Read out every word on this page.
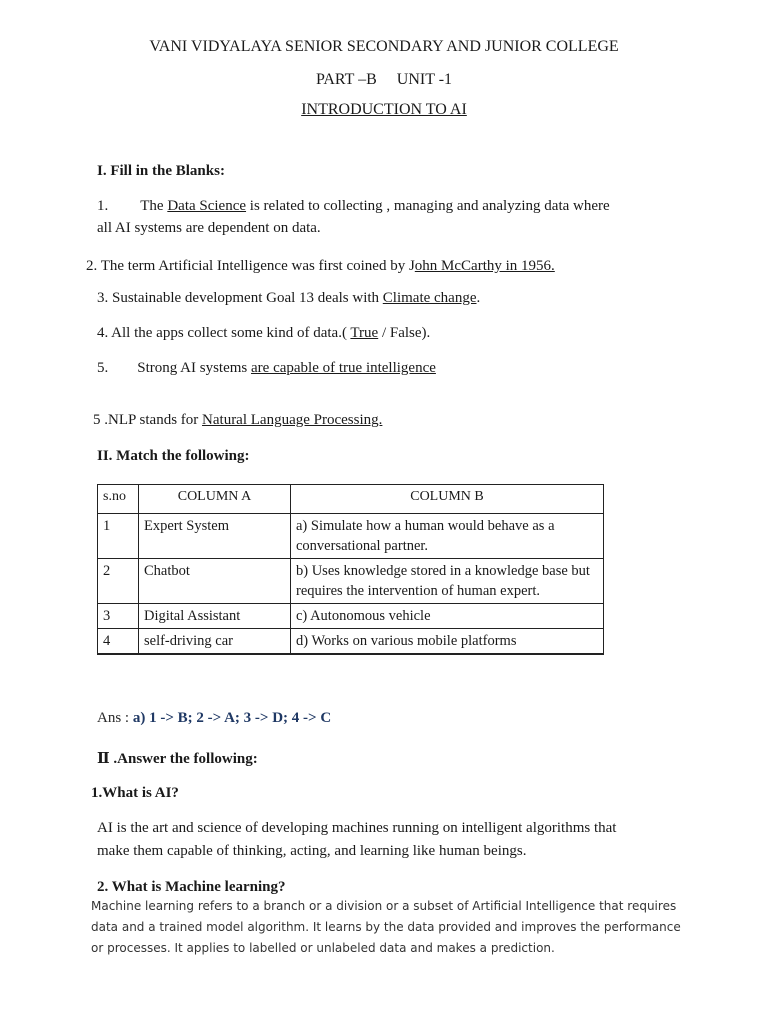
VANI VIDYALAYA SENIOR SECONDARY AND JUNIOR COLLEGE
PART –B UNIT -1
INTRODUCTION TO AI
I. Fill in the Blanks:
1. The Data Science is related to collecting , managing and analyzing data where
all AI systems are dependent on data.
2. The term Artificial Intelligence was first coined by John McCarthy in 1956.
3. Sustainable development Goal 13 deals with Climate change.
4. All the apps collect some kind of data.( True / False).
5. Strong AI systems are capable of true intelligence
5 .NLP stands for Natural Language Processing.
II. Match the following:
s.no	COLUMN A	COLUMN B
1	Expert System	a) Simulate how a human would behave as a conversational partner.
2	Chatbot	b) Uses knowledge stored in a knowledge base but requires the intervention of human expert.
3	Digital Assistant	c) Autonomous vehicle
4	self-driving car	d) Works on various mobile platforms
Ans : a) 1 -> B; 2 -> A; 3 -> D; 4 -> C
Ⅱ .Answer the following:
1.What is AI?
AI is the art and science of developing machines running on intelligent algorithms that
make them capable of thinking, acting, and learning like human beings.
2. What is Machine learning?
Machine learning refers to a branch or a division or a subset of Artificial Intelligence that requires
data and a trained model algorithm. It learns by the data provided and improves the performance
or processes. It applies to labelled or unlabeled data and makes a prediction.
